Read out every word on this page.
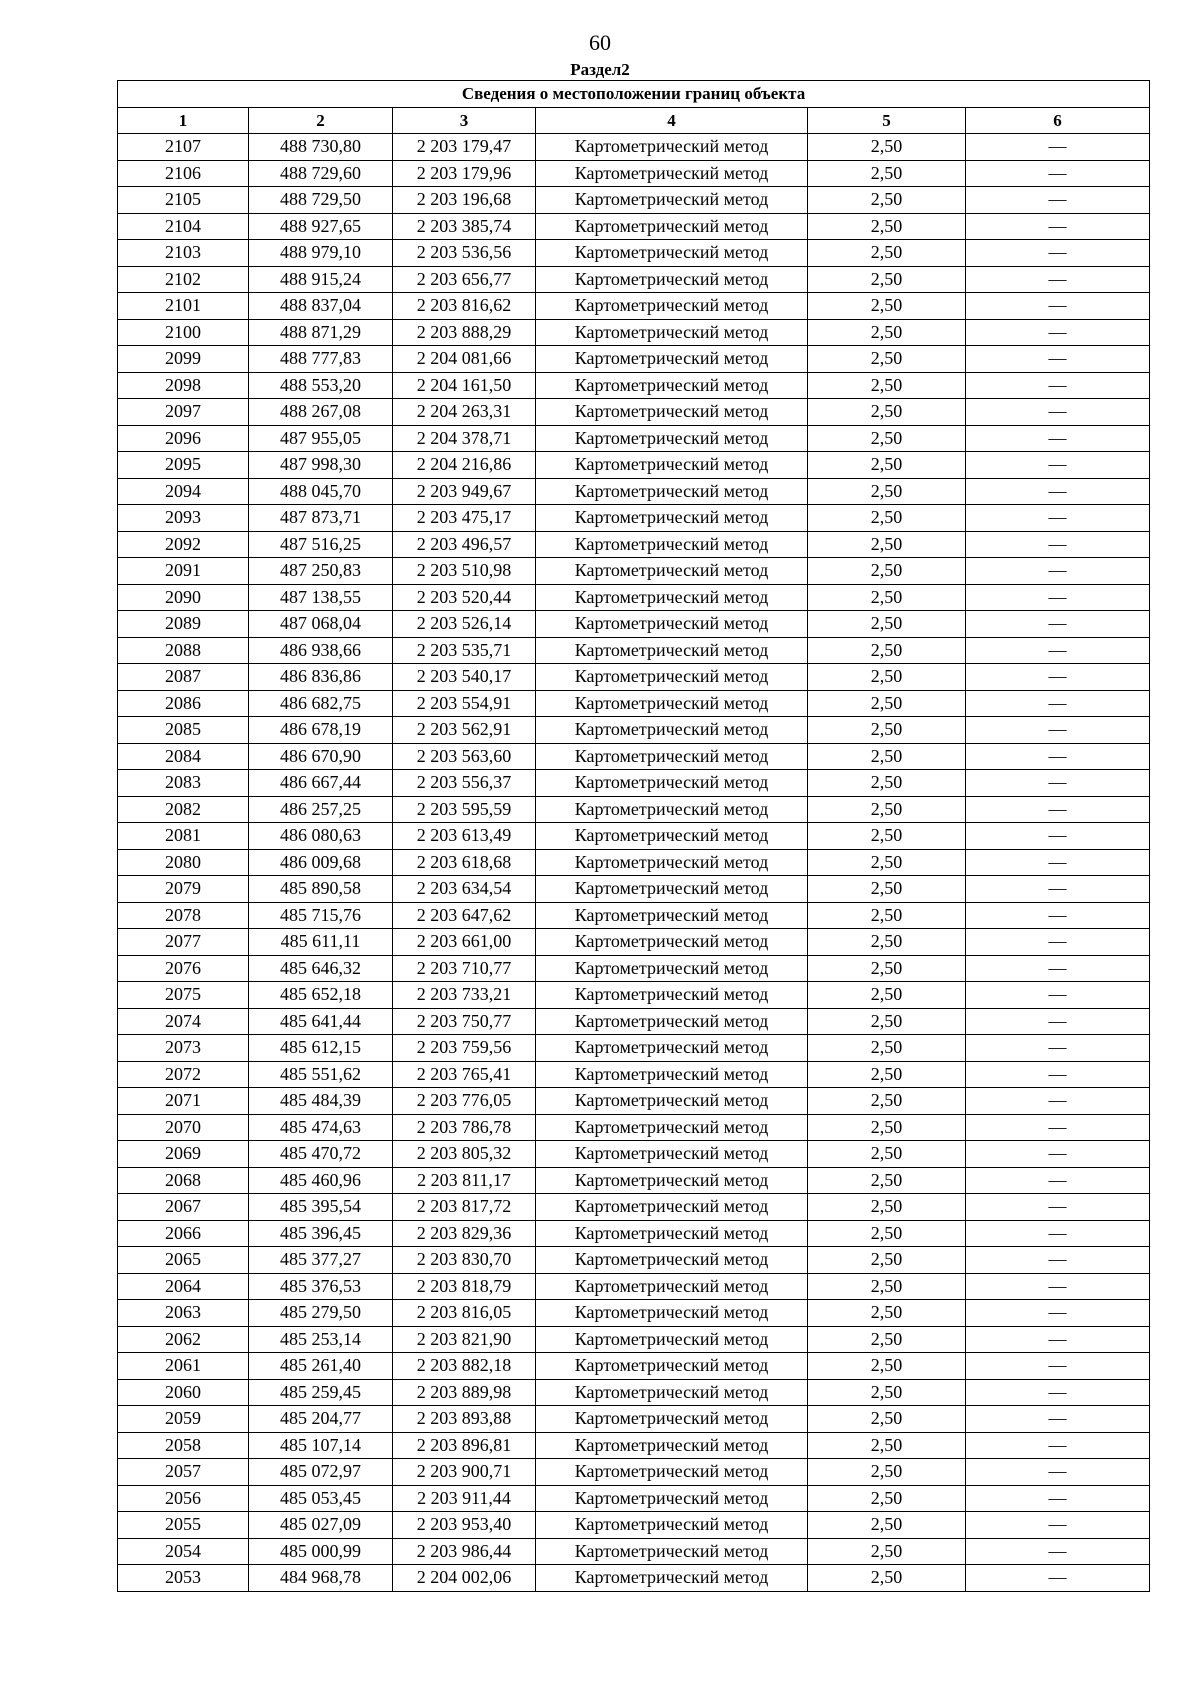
60
Раздел2
Сведения о местоположении границ объекта					
1	2	3	4	5	6
2107	488 730,80	2 203 179,47	Картометрический метод	2,50	—
2106	488 729,60	2 203 179,96	Картометрический метод	2,50	—
2105	488 729,50	2 203 196,68	Картометрический метод	2,50	—
2104	488 927,65	2 203 385,74	Картометрический метод	2,50	—
2103	488 979,10	2 203 536,56	Картометрический метод	2,50	—
2102	488 915,24	2 203 656,77	Картометрический метод	2,50	—
2101	488 837,04	2 203 816,62	Картометрический метод	2,50	—
2100	488 871,29	2 203 888,29	Картометрический метод	2,50	—
2099	488 777,83	2 204 081,66	Картометрический метод	2,50	—
2098	488 553,20	2 204 161,50	Картометрический метод	2,50	—
2097	488 267,08	2 204 263,31	Картометрический метод	2,50	—
2096	487 955,05	2 204 378,71	Картометрический метод	2,50	—
2095	487 998,30	2 204 216,86	Картометрический метод	2,50	—
2094	488 045,70	2 203 949,67	Картометрический метод	2,50	—
2093	487 873,71	2 203 475,17	Картометрический метод	2,50	—
2092	487 516,25	2 203 496,57	Картометрический метод	2,50	—
2091	487 250,83	2 203 510,98	Картометрический метод	2,50	—
2090	487 138,55	2 203 520,44	Картометрический метод	2,50	—
2089	487 068,04	2 203 526,14	Картометрический метод	2,50	—
2088	486 938,66	2 203 535,71	Картометрический метод	2,50	—
2087	486 836,86	2 203 540,17	Картометрический метод	2,50	—
2086	486 682,75	2 203 554,91	Картометрический метод	2,50	—
2085	486 678,19	2 203 562,91	Картометрический метод	2,50	—
2084	486 670,90	2 203 563,60	Картометрический метод	2,50	—
2083	486 667,44	2 203 556,37	Картометрический метод	2,50	—
2082	486 257,25	2 203 595,59	Картометрический метод	2,50	—
2081	486 080,63	2 203 613,49	Картометрический метод	2,50	—
2080	486 009,68	2 203 618,68	Картометрический метод	2,50	—
2079	485 890,58	2 203 634,54	Картометрический метод	2,50	—
2078	485 715,76	2 203 647,62	Картометрический метод	2,50	—
2077	485 611,11	2 203 661,00	Картометрический метод	2,50	—
2076	485 646,32	2 203 710,77	Картометрический метод	2,50	—
2075	485 652,18	2 203 733,21	Картометрический метод	2,50	—
2074	485 641,44	2 203 750,77	Картометрический метод	2,50	—
2073	485 612,15	2 203 759,56	Картометрический метод	2,50	—
2072	485 551,62	2 203 765,41	Картометрический метод	2,50	—
2071	485 484,39	2 203 776,05	Картометрический метод	2,50	—
2070	485 474,63	2 203 786,78	Картометрический метод	2,50	—
2069	485 470,72	2 203 805,32	Картометрический метод	2,50	—
2068	485 460,96	2 203 811,17	Картометрический метод	2,50	—
2067	485 395,54	2 203 817,72	Картометрический метод	2,50	—
2066	485 396,45	2 203 829,36	Картометрический метод	2,50	—
2065	485 377,27	2 203 830,70	Картометрический метод	2,50	—
2064	485 376,53	2 203 818,79	Картометрический метод	2,50	—
2063	485 279,50	2 203 816,05	Картометрический метод	2,50	—
2062	485 253,14	2 203 821,90	Картометрический метод	2,50	—
2061	485 261,40	2 203 882,18	Картометрический метод	2,50	—
2060	485 259,45	2 203 889,98	Картометрический метод	2,50	—
2059	485 204,77	2 203 893,88	Картометрический метод	2,50	—
2058	485 107,14	2 203 896,81	Картометрический метод	2,50	—
2057	485 072,97	2 203 900,71	Картометрический метод	2,50	—
2056	485 053,45	2 203 911,44	Картометрический метод	2,50	—
2055	485 027,09	2 203 953,40	Картометрический метод	2,50	—
2054	485 000,99	2 203 986,44	Картометрический метод	2,50	—
2053	484 968,78	2 204 002,06	Картометрический метод	2,50	—
